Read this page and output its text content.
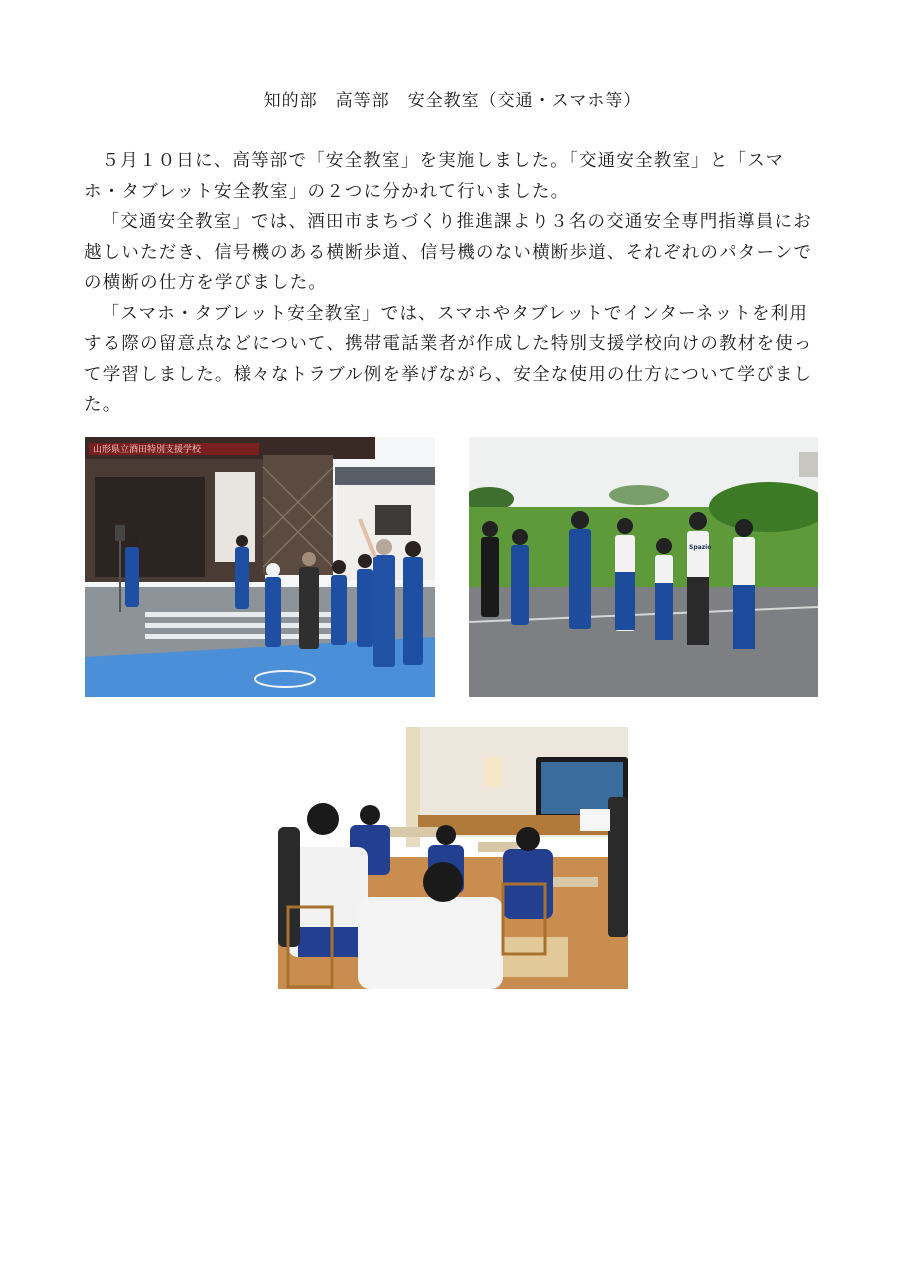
知的部　高等部　安全教室（交通・スマホ等）

５月１０日に、高等部で「安全教室」を実施しました。「交通安全教室」と「スマホ・タブレット安全教室」の２つに分かれて行いました。

「交通安全教室」では、酒田市まちづくり推進課より３名の交通安全専門指導員にお越しいただき、信号機のある横断歩道、信号機のない横断歩道、それぞれのパターンでの横断の仕方を学びました。

「スマホ・タブレット安全教室」では、スマホやタブレットでインターネットを利用する際の留意点などについて、携帯電話業者が作成した特別支援学校向けの教材を使って学習しました。様々なトラブル例を挙げながら、安全な使用の仕方について学びました。

山形県立酒田特別支援学校
Spazio
